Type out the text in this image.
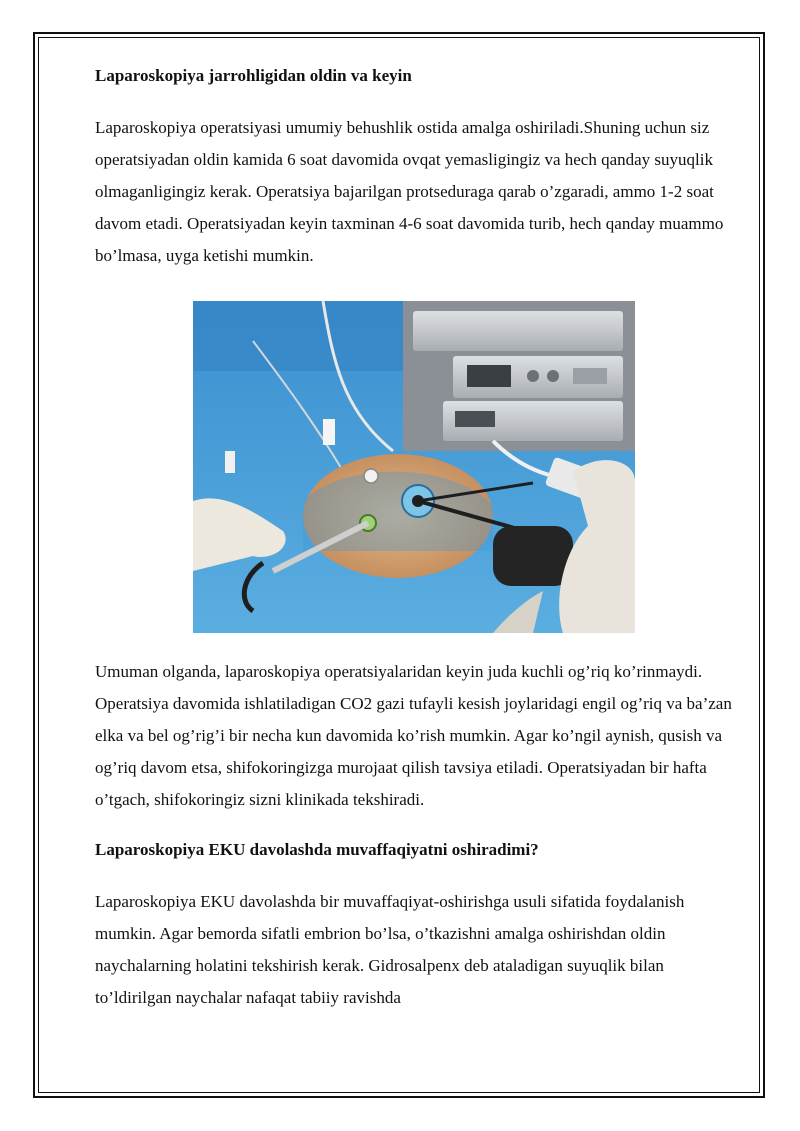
Laparoskopiya jarrohligidan oldin va keyin

Laparoskopiya operatsiyasi umumiy behushlik ostida amalga oshiriladi.Shuning uchun siz operatsiyadan oldin kamida 6 soat davomida ovqat yemasligingiz va hech qanday suyuqlik olmaganligingiz kerak. Operatsiya bajarilgan protseduraga qarab o’zgaradi, ammo 1-2 soat davom etadi. Operatsiyadan keyin taxminan 4-6 soat davomida turib, hech qanday muammo bo’lmasa, uyga ketishi mumkin.

Umuman olganda, laparoskopiya operatsiyalaridan keyin juda kuchli og’riq ko’rinmaydi. Operatsiya davomida ishlatiladigan CO2 gazi tufayli kesish joylaridagi engil og’riq va ba’zan elka va bel og’rig’i bir necha kun davomida ko’rish mumkin. Agar ko’ngil aynish, qusish va og’riq davom etsa, shifokoringizga murojaat qilish tavsiya etiladi. Operatsiyadan bir hafta o’tgach, shifokoringiz sizni klinikada tekshiradi.

Laparoskopiya EKU davolashda muvaffaqiyatni oshiradimi?

Laparoskopiya EKU davolashda bir muvaffaqiyat-oshirishga usuli sifatida foydalanish mumkin. Agar bemorda sifatli embrion bo’lsa, o’tkazishni amalga oshirishdan oldin naychalarning holatini tekshirish kerak. Gidrosalpenx deb ataladigan suyuqlik bilan to’ldirilgan naychalar nafaqat tabiiy ravishda
